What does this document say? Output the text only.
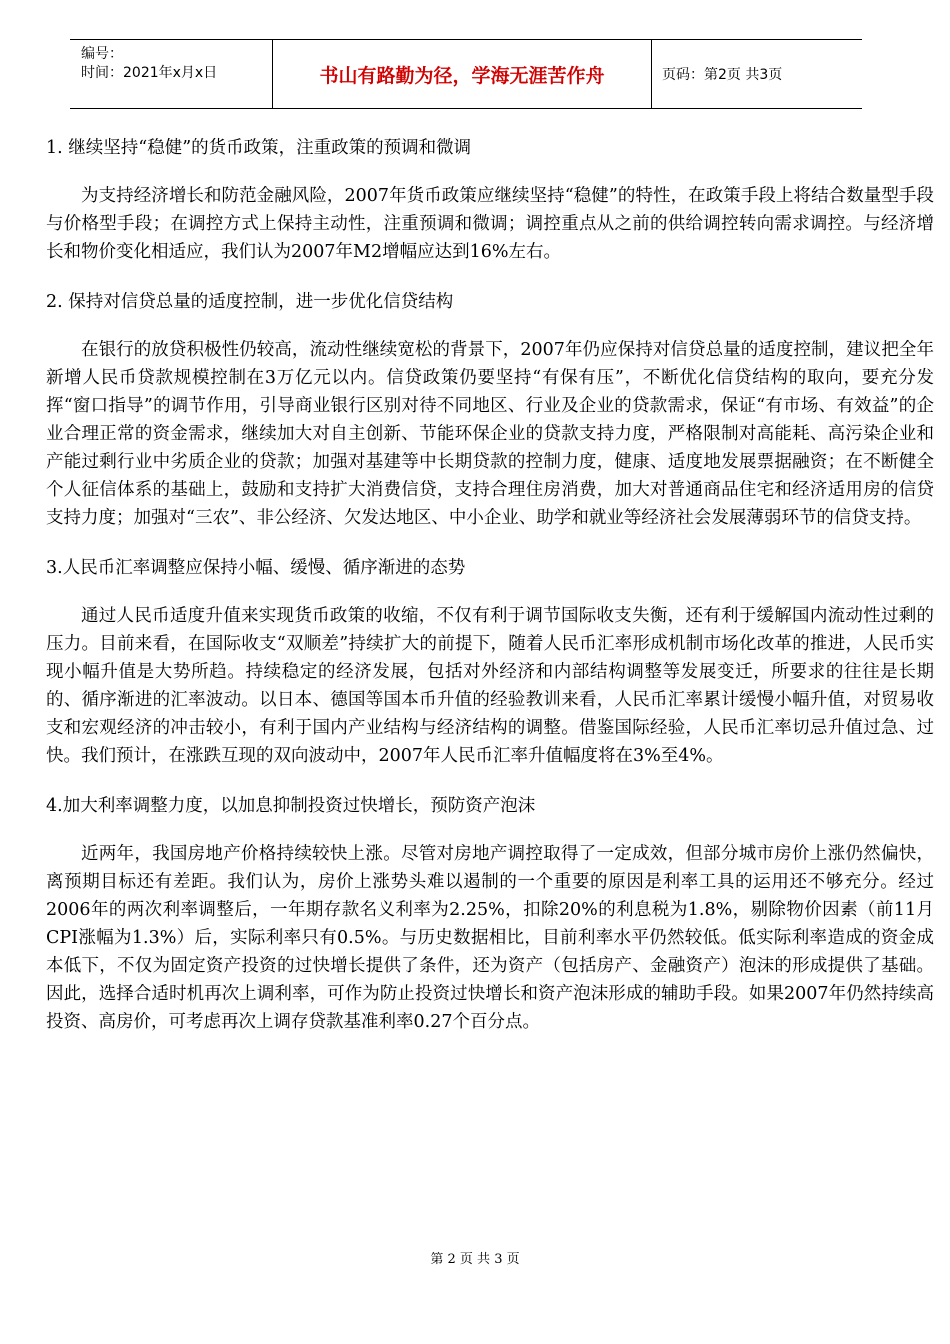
编号：
时间：2021年x月x日	书山有路勤为径，学海无涯苦作舟	页码：第2页 共3页
1. 继续坚持“稳健”的货币政策，注重政策的预调和微调
为支持经济增长和防范金融风险，2007年货币政策应继续坚持“稳健”的特性，在政策手段上将结合数量型手段与价格型手段；在调控方式上保持主动性，注重预调和微调；调控重点从之前的供给调控转向需求调控。与经济增长和物价变化相适应，我们认为2007年M2增幅应达到16%左右。
2. 保持对信贷总量的适度控制，进一步优化信贷结构
在银行的放贷积极性仍较高，流动性继续宽松的背景下，2007年仍应保持对信贷总量的适度控制，建议把全年新增人民币贷款规模控制在3万亿元以内。信贷政策仍要坚持“有保有压”，不断优化信贷结构的取向，要充分发挥“窗口指导”的调节作用，引导商业银行区别对待不同地区、行业及企业的贷款需求，保证“有市场、有效益”的企业合理正常的资金需求，继续加大对自主创新、节能环保企业的贷款支持力度，严格限制对高能耗、高污染企业和产能过剩行业中劣质企业的贷款；加强对基建等中长期贷款的控制力度，健康、适度地发展票据融资；在不断健全个人征信体系的基础上，鼓励和支持扩大消费信贷，支持合理住房消费，加大对普通商品住宅和经济适用房的信贷支持力度；加强对“三农”、非公经济、欠发达地区、中小企业、助学和就业等经济社会发展薄弱环节的信贷支持。
3.人民币汇率调整应保持小幅、缓慢、循序渐进的态势
通过人民币适度升值来实现货币政策的收缩，不仅有利于调节国际收支失衡，还有利于缓解国内流动性过剩的压力。目前来看，在国际收支“双顺差”持续扩大的前提下，随着人民币汇率形成机制市场化改革的推进，人民币实现小幅升值是大势所趋。持续稳定的经济发展，包括对外经济和内部结构调整等发展变迁，所要求的往往是长期的、循序渐进的汇率波动。以日本、德国等国本币升值的经验教训来看，人民币汇率累计缓慢小幅升值，对贸易收支和宏观经济的冲击较小，有利于国内产业结构与经济结构的调整。借鉴国际经验，人民币汇率切忌升值过急、过快。我们预计，在涨跌互现的双向波动中，2007年人民币汇率升值幅度将在3%至4%。
4.加大利率调整力度，以加息抑制投资过快增长，预防资产泡沫
近两年，我国房地产价格持续较快上涨。尽管对房地产调控取得了一定成效，但部分城市房价上涨仍然偏快，离预期目标还有差距。我们认为，房价上涨势头难以遏制的一个重要的原因是利率工具的运用还不够充分。经过2006年的两次利率调整后，一年期存款名义利率为2.25%，扣除20%的利息税为1.8%，剔除物价因素（前11月CPI涨幅为1.3%）后，实际利率只有0.5%。与历史数据相比，目前利率水平仍然较低。低实际利率造成的资金成本低下，不仅为固定资产投资的过快增长提供了条件，还为资产（包括房产、金融资产）泡沫的形成提供了基础。因此，选择合适时机再次上调利率，可作为防止投资过快增长和资产泡沫形成的辅助手段。如果2007年仍然持续高投资、高房价，可考虑再次上调存贷款基准利率0.27个百分点。
第 2 页 共 3 页
